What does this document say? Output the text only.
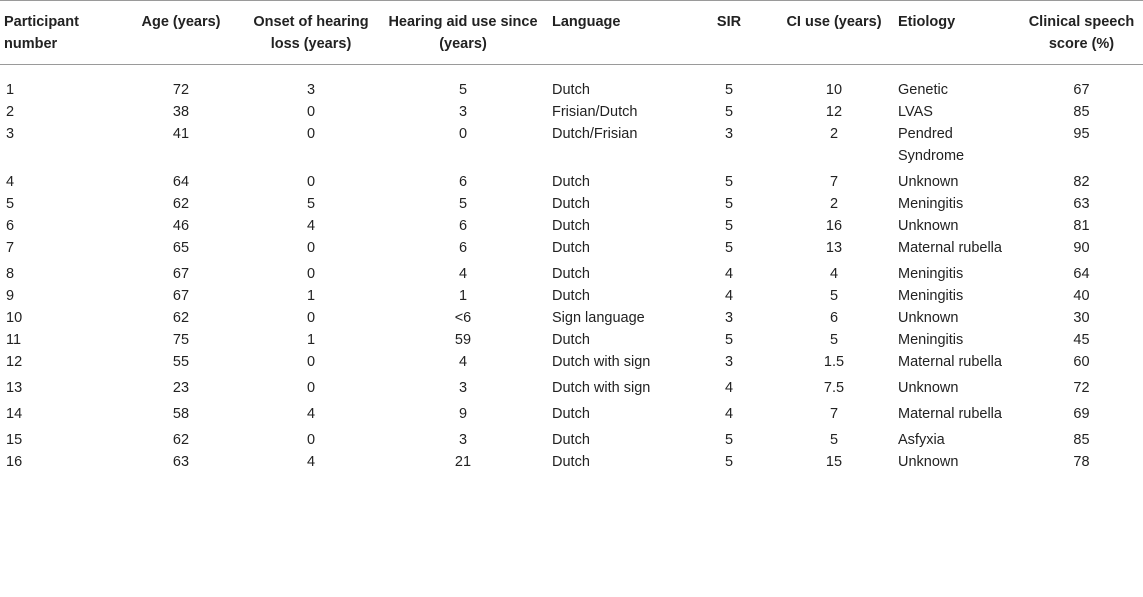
Participant number	Age (years)	Onset of hearing loss (years)	Hearing aid use since (years)	Language	SIR	CI use (years)	Etiology	Clinical speech score (%)
1	72	3	5	Dutch	5	10	Genetic	67
2	38	0	3	Frisian/Dutch	5	12	LVAS	85
3	41	0	0	Dutch/Frisian	3	2	Pendred Syndrome	95
4	64	0	6	Dutch	5	7	Unknown	82
5	62	5	5	Dutch	5	2	Meningitis	63
6	46	4	6	Dutch	5	16	Unknown	81
7	65	0	6	Dutch	5	13	Maternal rubella	90
8	67	0	4	Dutch	4	4	Meningitis	64
9	67	1	1	Dutch	4	5	Meningitis	40
10	62	0	<6	Sign language	3	6	Unknown	30
11	75	1	59	Dutch	5	5	Meningitis	45
12	55	0	4	Dutch with sign	3	1.5	Maternal rubella	60
13	23	0	3	Dutch with sign	4	7.5	Unknown	72
14	58	4	9	Dutch	4	7	Maternal rubella	69
15	62	0	3	Dutch	5	5	Asfyxia	85
16	63	4	21	Dutch	5	15	Unknown	78
